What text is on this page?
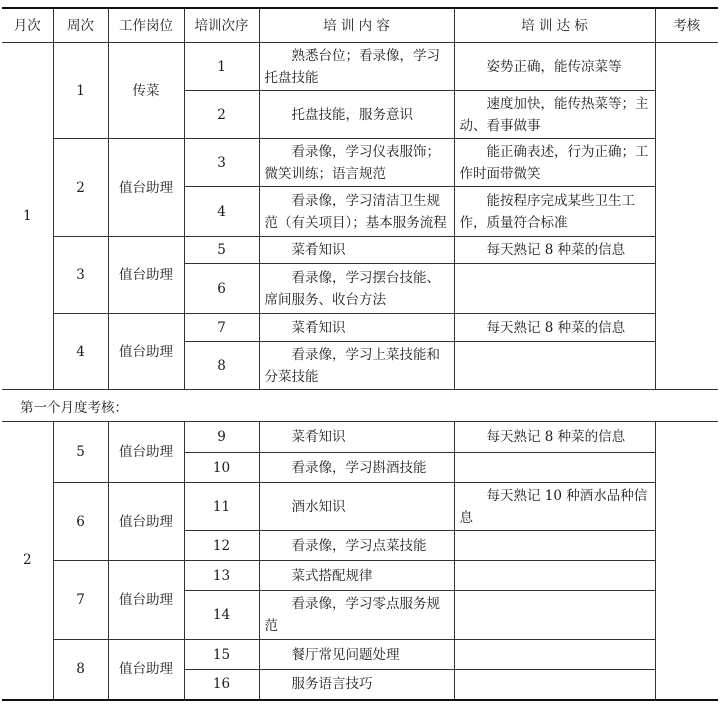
月次	周次	工作岗位	培训次序	培 训 内 容	培 训 达 标	考核
1	1	传菜	1	熟悉台位；看录像，学习托盘技能	姿势正确，能传凉菜等	
			2	托盘技能，服务意识	速度加快，能传热菜等；主动、看事做事	
	2	值台助理	3	看录像，学习仪表服饰；微笑训练；语言规范	能正确表述，行为正确；工作时面带微笑	
			4	看录像，学习清洁卫生规范（有关项目）；基本服务流程	能按程序完成某些卫生工作，质量符合标准	
	3	值台助理	5	菜肴知识	每天熟记 8 种菜的信息	
			6	看录像，学习摆台技能、席间服务、收台方法		
	4	值台助理	7	菜肴知识	每天熟记 8 种菜的信息	
			8	看录像，学习上菜技能和分菜技能		
第一个月度考核：
2	5	值台助理	9	菜肴知识	每天熟记 8 种菜的信息	
			10	看录像，学习斟酒技能		
	6	值台助理	11	酒水知识	每天熟记 10 种酒水品种信息	
			12	看录像，学习点菜技能		
	7	值台助理	13	菜式搭配规律		
			14	看录像，学习零点服务规范		
	8	值台助理	15	餐厅常见问题处理		
			16	服务语言技巧		
